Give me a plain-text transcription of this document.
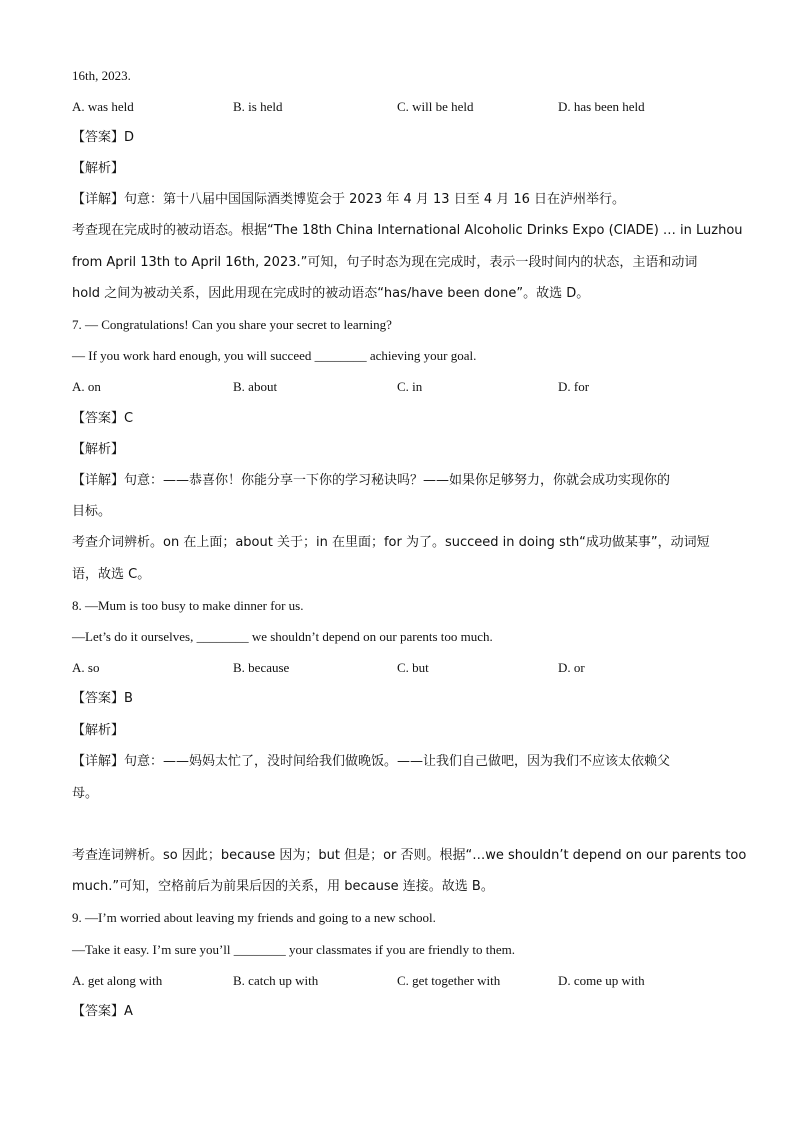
16th, 2023.
A. was held	B. is held	C. will be held	D. has been held
【答案】D
【解析】
【详解】句意：第十八届中国国际酒类博览会于 2023 年 4 月 13 日至 4 月 16 日在泸州举行。
考查现在完成时的被动语态。根据“The 18th China International Alcoholic Drinks Expo (CIADE) … in Luzhou
from April 13th to April 16th, 2023.”可知，句子时态为现在完成时，表示一段时间内的状态，主语和动词
hold 之间为被动关系，因此用现在完成时的被动语态“has/have been done”。故选 D。
7. — Congratulations! Can you share your secret to learning?
— If you work hard enough, you will succeed ________ achieving your goal.
A. on	B. about	C. in	D. for
【答案】C
【解析】
【详解】句意：——恭喜你！你能分享一下你的学习秘诀吗？——如果你足够努力，你就会成功实现你的
目标。
考查介词辨析。on 在上面；about 关于；in 在里面；for 为了。succeed in doing sth“成功做某事”，动词短
语，故选 C。
8. —Mum is too busy to make dinner for us.
—Let’s do it ourselves, ________ we shouldn’t depend on our parents too much.
A. so	B. because	C. but	D. or
【答案】B
【解析】
【详解】句意：——妈妈太忙了，没时间给我们做晚饭。——让我们自己做吧，因为我们不应该太依赖父
母。
考查连词辨析。so 因此；because 因为；but 但是；or 否则。根据“…we shouldn’t depend on our parents too
much.”可知，空格前后为前果后因的关系，用 because 连接。故选 B。
9. —I’m worried about leaving my friends and going to a new school.
—Take it easy. I’m sure you’ll ________ your classmates if you are friendly to them.
A. get along with	B. catch up with	C. get together with	D. come up with
【答案】A
